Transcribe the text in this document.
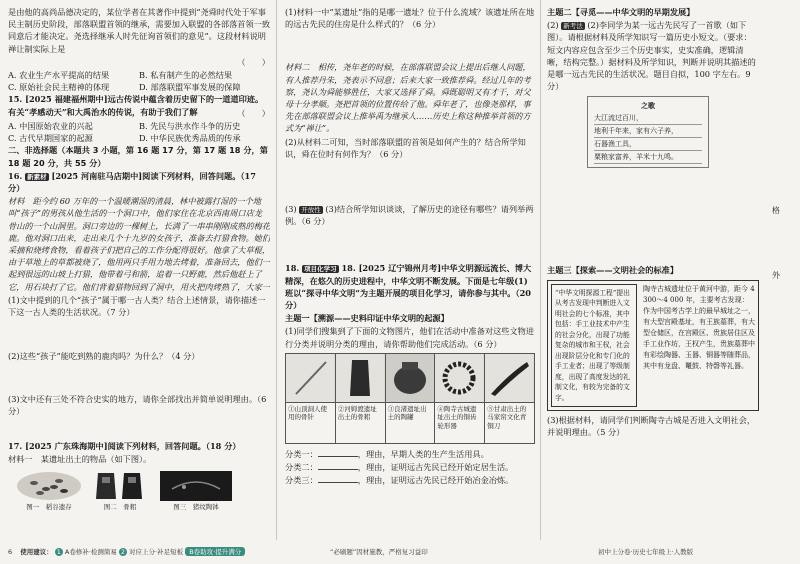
是由他的高尚品德决定的，某位学者在其著作中提到“尧舜时代处于军事民主制历史阶段，部落联盟首领的继承，需要加入联盟的各部落首领一致同意后才能决定。尧选择继承人时先征询首领们的意见”。这段材料说明禅让制实际上是

（　　）

A. 农业生产水平提高的结果	B. 私有制产生的必然结果
C. 原始社会民主精神的体现	D. 部落联盟军事发展的保障

15. [2025 福建福州期中]远古传说中蕴含着历史留下的一道道印迹。有关“孝感动天”和大禹治水的传说，有助于我们了解	（　　）

A. 中国原始农业的兴起	B. 先民与洪水作斗争的历史
C. 古代早期国家的起源	D. 中华民族优秀品质的传承

二、非选择题（本题共 3 小题，第 16 题 17 分，第 17 题 18 分，第 18 题 20 分，共 55 分）

16. 新素材 [2025 河南驻马店期中]阅读下列材料，回答问题。（17 分）

材料　距今约 60 万年的一个温暖潮湿的清晨，林中被露打湿的一个地叫“孩子”的男孩从他生活的一个洞口中，他们家住在北京西南周口店龙骨山的一个山洞里。洞口旁边的一棵树上，长满了一串串刚刚成熟的梅花鹿。他对洞口出来，走出来几个十九岁的女孩子，准备去打猎食物。她们采摘和烧烤食物，看着孩子们把自己的工作分配得很好。他拿了大草棍，由于草地上的草都被烧了，他用两只手用力地去烤着，准备回去，他们一起到很远的山坡上打猎，他带着弓和箭，追着一只野鹿，然后他赶上了它，用石块打了它。他们背着猎物回到了洞中，用火把肉烤熟了，大家一

(1)文中提到的几个“孩子”属于哪一古人类？结合上述情景，请你描述一下这一古人类的生活状况。（7 分）

(2)这些“孩子”能吃到熟的鹿肉吗？为什么？（4 分）

(3)文中还有三处不符合史实的地方，请你全部找出并简单说明理由。（6 分）

17. [2025 广东珠海期中]阅读下列材料，回答问题。（18 分）

材料一　某遗址出土的物品（如下图）。

图一　稻谷遗存	图二　骨耜	图三　猪纹陶钵

(1)材料一中“某遗址”指的是哪一遗址？位于什么流域？该遗址所在地的远古先民的住房是什么样式的？（6 分）

材料二　相传，尧年老的时候，在部落联盟会议上提出后继人问题，有人推荐丹朱，尧表示不同意；后来大家一致推荐舜。经过几年的考察，尧认为舜能够胜任，大家又选择了舜。舜既聪明又有才干，对父母十分孝顺。尧把首领的位置传给了他。舜年老了，也像尧那样，事先在部落联盟会议上推举禹为继承人……历史上称这种推举首领的方式为“禅让”。

(2)从材料二可知，当时部落联盟的首领是如何产生的？结合所学知识，舜在位时有何作为？（6 分）

(3) 开放性 (3)结合所学知识谈谈，了解历史的途径有哪些？请列举两例。（6 分）

18. 项目化学习 18. [2025 辽宁锦州月考]中华文明源远流长、博大精深，在悠久的历史进程中，中华文明不断发展。下面是七年级(1)班以“探寻中华文明”为主题开展的项目化学习，请你参与其中。（20 分）

主题一【溯源——史料印证中华文明的起源】

(1)同学们搜集到了下面的文物图片，他们在活动中准备对这些文物进行分类并说明分类的理由，请你帮助他们完成活动。（6 分）

①山顶洞人使用的骨针
②河姆渡遗址出土的骨耜
③良渚遗址出土的陶罐
④陶寺古城遗址出土的铜齿轮形器
⑤甘肃出土的马家窑文化青铜刀

分类一：	，理由，早期人类的生产生活用具。

分类二：	，理由，证明远古先民已经开始定居生活。

分类三：	，理由，证明远古先民已经开始冶金冶炼。

主题二【寻觅——中华文明的早期发展】

(2) 新考法 (2)李同学为某一远古先民写了一首歌（如下图）。请根据材料及所学知识写一篇历史小短文。（要求：短文内容应包含至少三个历史事实，史实准确，逻辑清晰，结构完整。）据材料及所学知识，判断并说明其描述的是哪一远古先民的生活状况。题目自拟，100 字左右。9 分）

之歌
大江流过百川，
地利千年来，家有六子养，
石器渔工具，
粟粮家富养，羊米十九鸣。

主题三【探索——文明社会的标准】

“中华文明探源工程”提出从考古发现中判断进入文明社会的七个标准，其中包括：手工业技术中产生的社会分化，出现了功能复杂的城市和王权，社会出现阶层分化和专门化的手工业者；出现了等级制度，出现了高度发达的礼制文化，有较为完备的文字。
陶寺古城遗址位于黄河中游，距今 4 300～4 000 年，主要考古发现：作为中国考古学上的最早城址之一，有大型宫殿基址，有王族墓葬，有大型仓储区，在宫殿区、贵族居住区及手工业作坊，王权产生，贵族墓葬中有彩绘陶器、玉器、铜器等随葬品，其中有龙盘、鼍鼓、特磬等礼器。

(3)根据材料，请同学们判断陶寺古城是否进入文明社会，并说明理由。（5 分）

格
外
6 使用建议： 1 A卷修补·检测简易 2 对应上分·补足短板 B卷助攻·提升满分	“必刷题”因材施教，严格复习益印	初中上分卷·历史七年级上·人教版
